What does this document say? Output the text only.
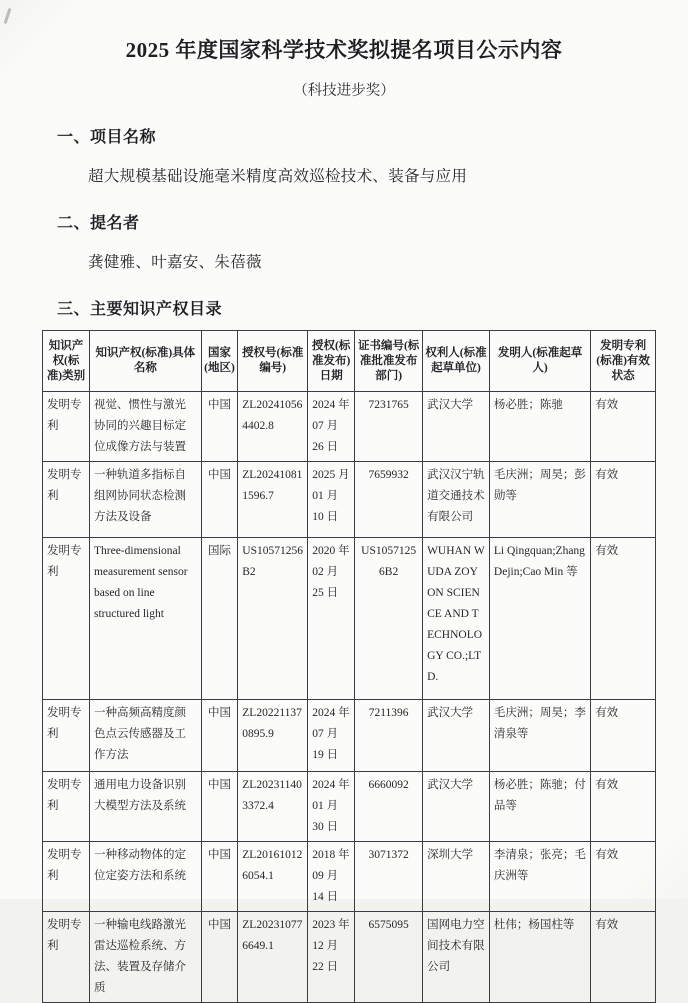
2025 年度国家科学技术奖拟提名项目公示内容
（科技进步奖）
一、项目名称
超大规模基础设施毫米精度高效巡检技术、装备与应用
二、提名者
龚健雅、叶嘉安、朱蓓薇
三、主要知识产权目录
知识产权(标准)类别	知识产权(标准)具体名称	国家(地区)	授权号(标准编号)	授权(标准发布)日期	证书编号(标准批准发布部门)	权利人(标准起草单位)	发明人(标准起草人)	发明专利(标准)有效状态
发明专利	视觉、惯性与激光协同的兴趣目标定位成像方法与装置	中国	ZL202410564402.8	2024 年 07 月 26 日	7231765	武汉大学	杨必胜；陈驰	有效
发明专利	一种轨道多指标自组网协同状态检测方法及设备	中国	ZL202410811596.7	2025 月 01 月 10 日	7659932	武汉汉宁轨道交通技术有限公司	毛庆洲；周昊；彭勋等	有效
发明专利	Three-dimensional measurement sensor based on line structured light	国际	US10571256B2	2020 年 02 月 25 日	US10571256B2	WUHAN WUDA ZOYON SCIENCE AND TECHNOLOGY CO.;LTD.	Li Qingquan;Zhang Dejin;Cao Min 等	有效
发明专利	一种高频高精度颜色点云传感器及工作方法	中国	ZL202211370895.9	2024 年 07 月 19 日	7211396	武汉大学	毛庆洲；周昊；李清泉等	有效
发明专利	通用电力设备识别大模型方法及系统	中国	ZL202311403372.4	2024 年 01 月 30 日	6660092	武汉大学	杨必胜；陈驰；付品等	有效
发明专利	一种移动物体的定位定姿方法和系统	中国	ZL201610126054.1	2018 年 09 月 14 日	3071372	深圳大学	李清泉；张亮；毛庆洲等	有效
发明专利	一种输电线路激光雷达巡检系统、方法、装置及存储介质	中国	ZL202310776649.1	2023 年 12 月 22 日	6575095	国网电力空间技术有限公司	杜伟；杨国柱等	有效
